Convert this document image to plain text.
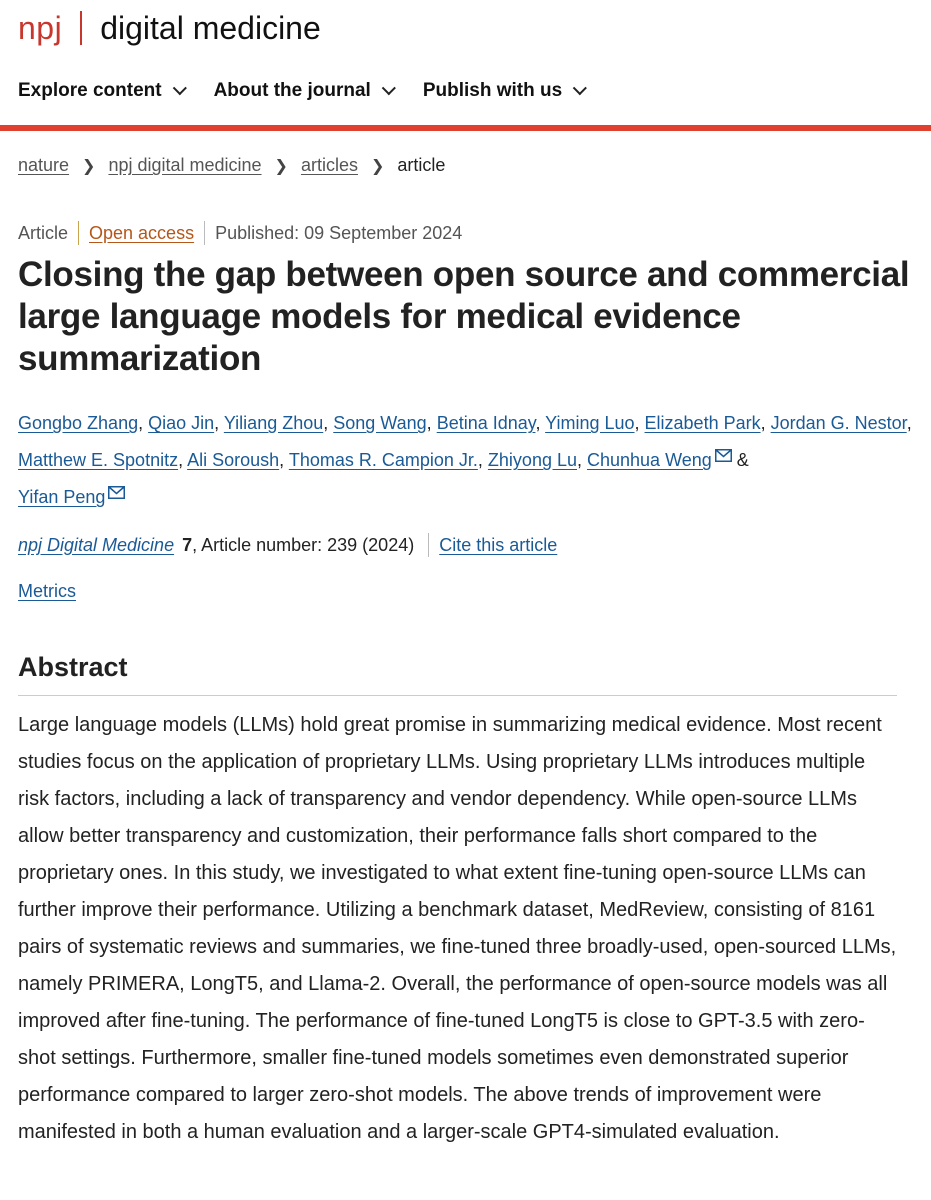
npj digital medicine
Explore content	About the journal	Publish with us
nature ❯ npj digital medicine ❯ articles ❯ article
Article Open access Published: 09 September 2024
Closing the gap between open source and commercial large language models for medical evidence summarization
Gongbo Zhang, Qiao Jin, Yiliang Zhou, Song Wang, Betina Idnay, Yiming Luo, Elizabeth Park, Jordan G. Nestor, Matthew E. Spotnitz, Ali Soroush, Thomas R. Campion Jr., Zhiyong Lu, Chunhua Weng &
Yifan Peng
npj Digital Medicine 7 , Article number: 239 (2024) Cite this article
Metrics
Abstract

Large language models (LLMs) hold great promise in summarizing medical evidence. Most recent studies focus on the application of proprietary LLMs. Using proprietary LLMs introduces multiple risk factors, including a lack of transparency and vendor dependency. While open-source LLMs allow better transparency and customization, their performance falls short compared to the proprietary ones. In this study, we investigated to what extent fine-tuning open-source LLMs can further improve their performance. Utilizing a benchmark dataset, MedReview, consisting of 8161 pairs of systematic reviews and summaries, we fine-tuned three broadly-used, open-sourced LLMs, namely PRIMERA, LongT5, and Llama-2. Overall, the performance of open-source models was all improved after fine-tuning. The performance of fine-tuned LongT5 is close to GPT-3.5 with zero-shot settings. Furthermore, smaller fine-tuned models sometimes even demonstrated superior performance compared to larger zero-shot models. The above trends of improvement were manifested in both a human evaluation and a larger-scale GPT4-simulated evaluation.
